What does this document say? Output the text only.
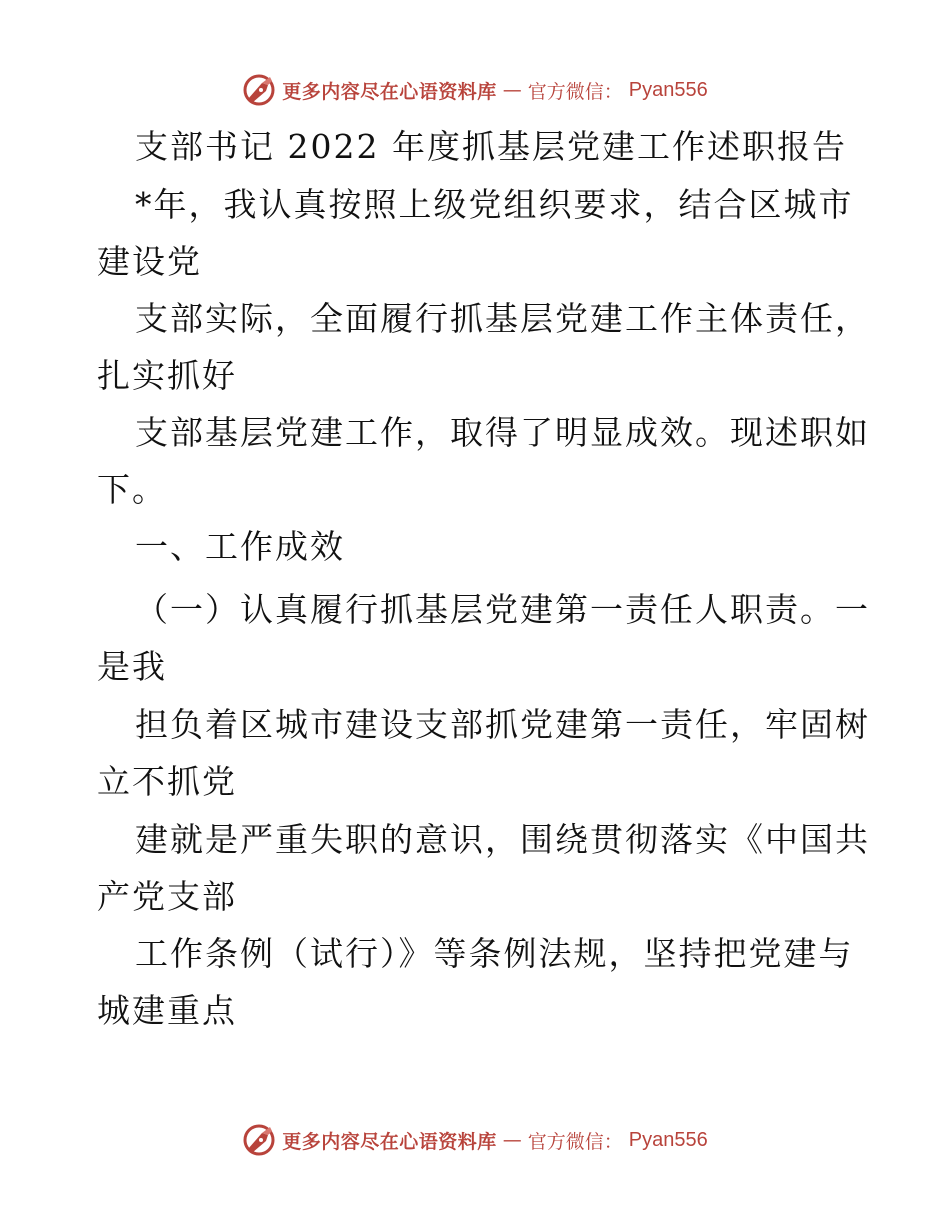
更多内容尽在心语资料库 — 官方微信： Pyan556
支部书记 2022 年度抓基层党建工作述职报告
*年，我认真按照上级党组织要求，结合区城市
建设党
支部实际，全面履行抓基层党建工作主体责任，
扎实抓好
支部基层党建工作，取得了明显成效。现述职如
下。
一、工作成效
（一）认真履行抓基层党建第一责任人职责。一
是我
担负着区城市建设支部抓党建第一责任，牢固树
立不抓党
建就是严重失职的意识，围绕贯彻落实《中国共
产党支部
工作条例（试行）》等条例法规，坚持把党建与
城建重点
更多内容尽在心语资料库 — 官方微信： Pyan556
